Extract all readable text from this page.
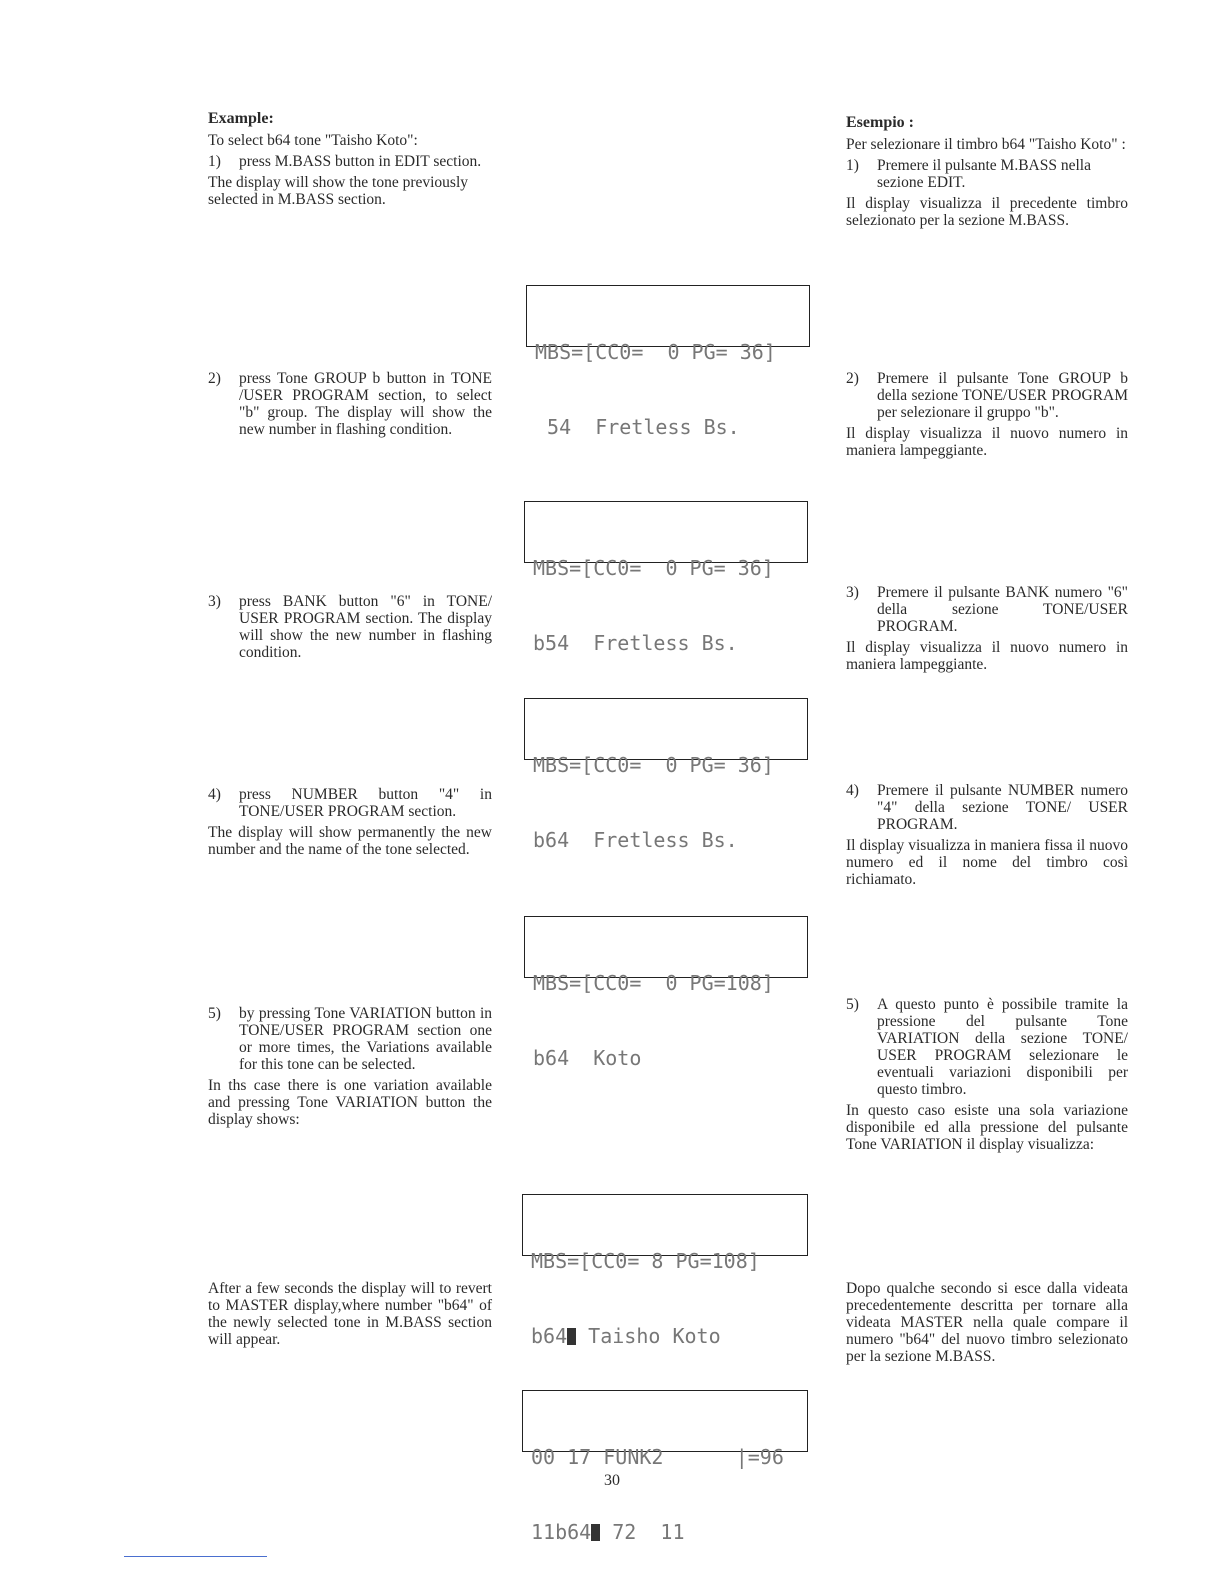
Example:

To select b64 tone "Taisho Koto":

1)	press M.BASS button in EDIT section.

The display will show the tone previously selected in M.BASS section.

2)	press Tone GROUP b button in TONE /USER PROGRAM section, to select "b" group. The display will show the new number in flashing condition.
3)	press BANK button "6" in TONE/ USER PROGRAM section. The display will show the new number in flashing condition.
4)	press NUMBER button "4" in TONE/USER PROGRAM section.

The display will show permanently the new number and the name of the tone selected.

5)	by pressing Tone VARIATION button in TONE/USER PROGRAM section one or more times, the Variations available for this tone can be selected.

In ths case there is one variation available and pressing Tone VARIATION button the display shows:

After a few seconds the display will to revert to MASTER display,where number "b64" of the newly selected tone in M.BASS section will appear.

Esempio :

Per selezionare il timbro b64 "Taisho Koto" :

1)	Premere il pulsante M.BASS nella sezione EDIT.

Il display visualizza il precedente timbro selezionato per la sezione M.BASS.

2)	Premere il pulsante Tone GROUP b della sezione TONE/USER PROGRAM per selezionare il gruppo "b".

Il display visualizza il nuovo numero in maniera lampeggiante.

3)	Premere il pulsante BANK numero "6" della sezione TONE/USER PROGRAM.

Il display visualizza il nuovo numero in maniera lampeggiante.

4)	Premere il pulsante NUMBER numero "4" della sezione TONE/ USER PROGRAM.

Il display visualizza in maniera fissa il nuovo numero ed il nome del timbro così richiamato.

5)	A questo punto è possibile tramite la pressione del pulsante Tone VARIATION della sezione TONE/ USER PROGRAM selezionare le eventuali variazioni disponibili per questo timbro.

In questo caso esiste una sola variazione disponibile ed alla pressione del pulsante Tone VARIATION il display visualizza:

Dopo qualche secondo si esce dalla videata precedentemente descritta per tornare alla videata MASTER nella quale compare il numero "b64" del nuovo timbro selezionato per la sezione M.BASS.

MBS=[CC0=  0 PG= 36]

54  Fretless Bs.

MBS=[CC0=  0 PG= 36]

b54  Fretless Bs.

MBS=[CC0=  0 PG= 36]

b64  Fretless Bs.

MBS=[CC0=  0 PG=108]

b64  Koto

MBS=[CC0= 8 PG=108]

b64 Taisho Koto

00 17 FUNK2      |=96

11b64 72  11

30
